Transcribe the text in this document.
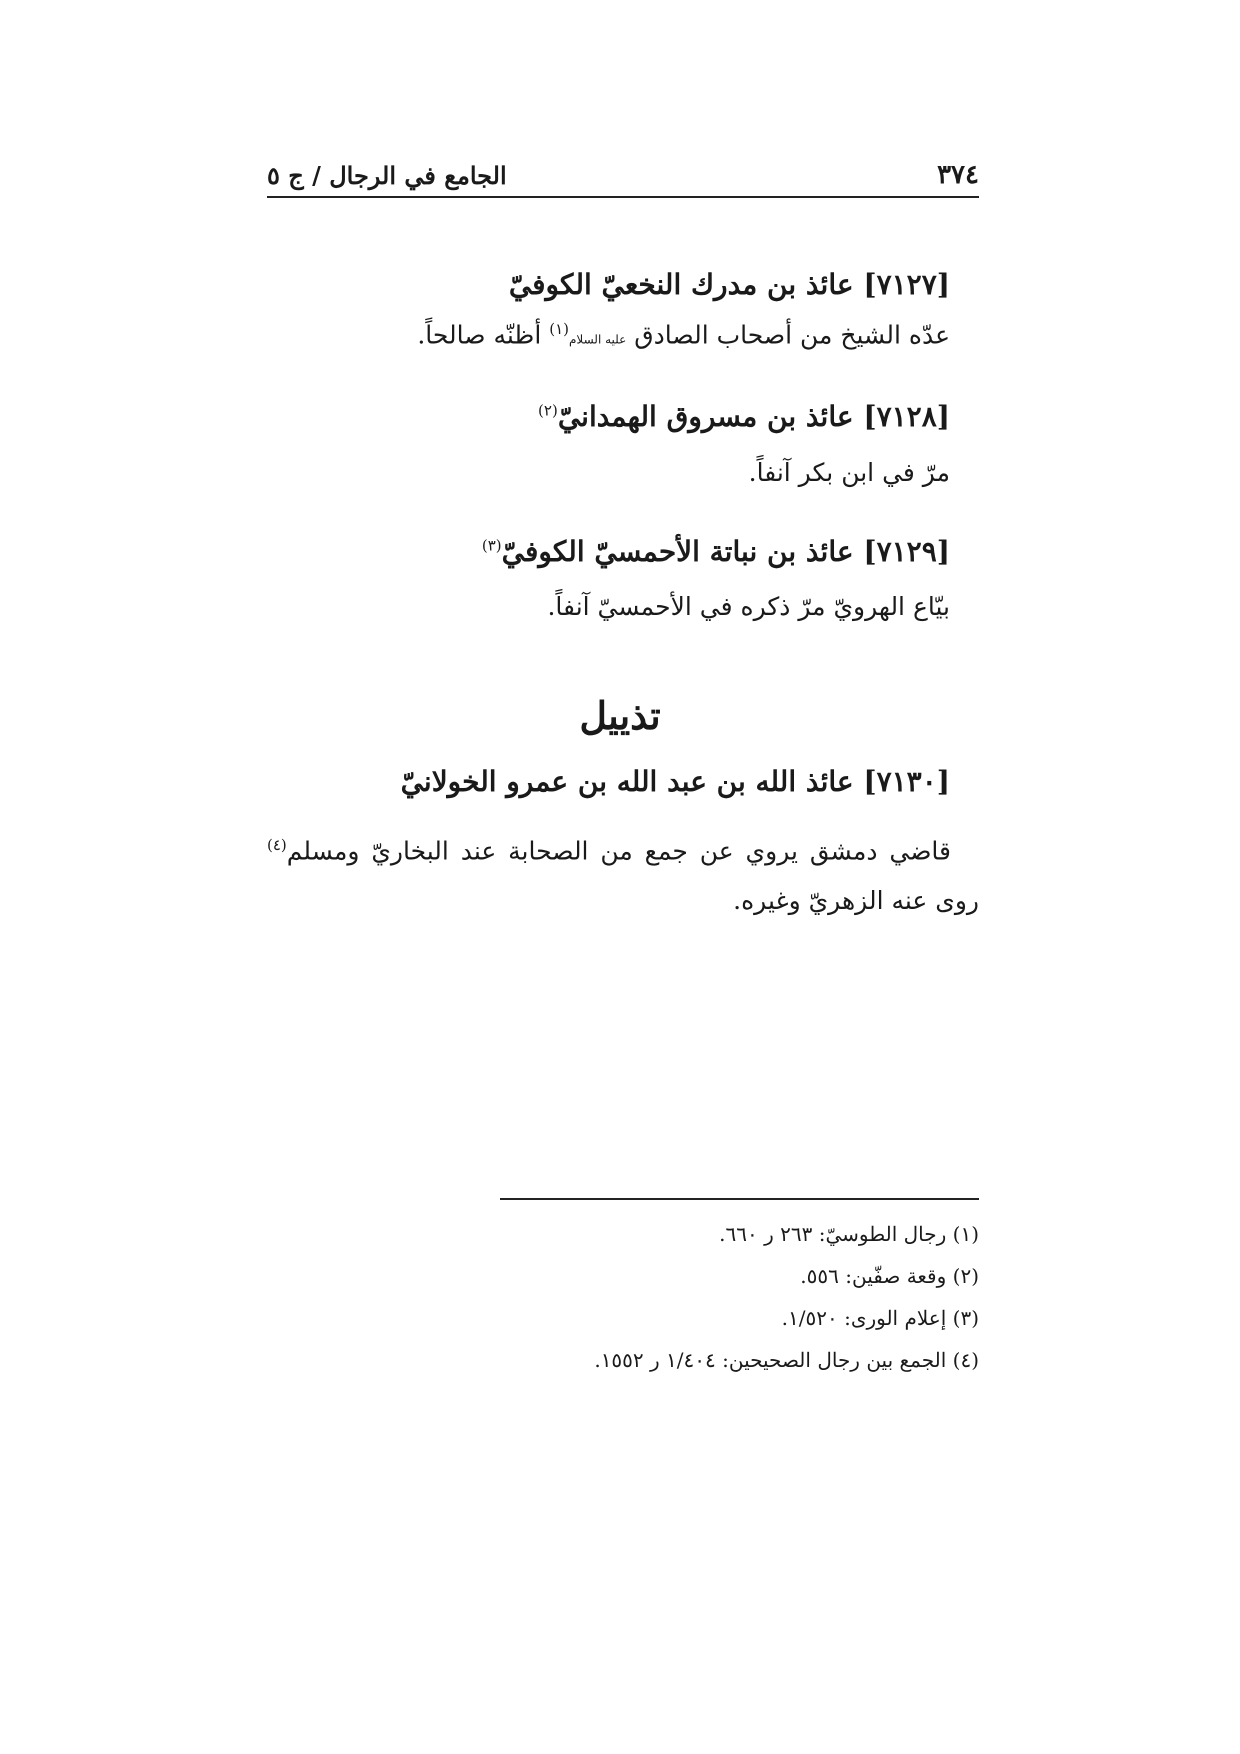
٣٧٤
الجامع في الرجال / ج ٥
[٧١٢٧] عائذ بن مدرك النخعيّ الكوفيّ
عدّه الشيخ من أصحاب الصادق عليه السلام$^{(١)}$ أظنّه صالحاً.
[٧١٢٨] عائذ بن مسروق الهمدانيّ$^{(٢)}$
مرّ في ابن بكر آنفاً.
[٧١٢٩] عائذ بن نباتة الأحمسيّ الكوفيّ$^{(٣)}$
بيّاع الهرويّ مرّ ذكره في الأحمسيّ آنفاً.
تذييل
[٧١٣٠] عائذ الله بن عبد الله بن عمرو الخولانيّ
قاضي دمشق يروي عن جمع من الصحابة عند البخاريّ ومسلم$^{(٤)}$ روى عنه الزهريّ وغيره.
(١) رجال الطوسيّ: ٢٦٣ ر ٦٦٠.
(٢) وقعة صفّين: ٥٥٦.
(٣) إعلام الورى: ١/٥٢٠.
(٤) الجمع بين رجال الصحيحين: ١/٤٠٤ ر ١٥٥٢.
